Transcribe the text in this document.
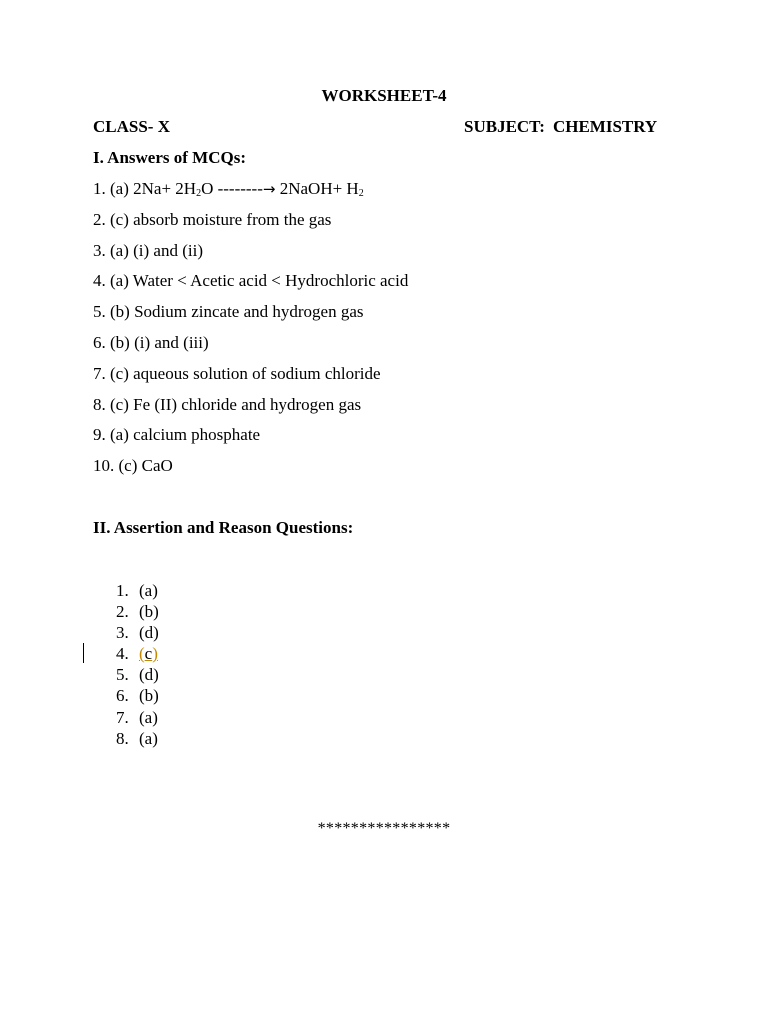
WORKSHEET-4
CLASS- X	SUBJECT: CHEMISTRY
I. Answers of MCQs:
1. (a) $2Na+ 2H_2O$ --------→ 2NaOH+ $H_2$
2. (c) absorb moisture from the gas
3. (a) (i) and (ii)
4. (a) Water < Acetic acid < Hydrochloric acid
5. (b) Sodium zincate and hydrogen gas
6. (b) (i) and (iii)
7. (c) aqueous solution of sodium chloride
8. (c) Fe (II) chloride and hydrogen gas
9. (a) calcium phosphate
10. (c) CaO
II. Assertion and Reason Questions:
1. (a)
2. (b)
3. (d)
4. (c)
5. (d)
6. (b)
7. (a)
8. (a)
****************
